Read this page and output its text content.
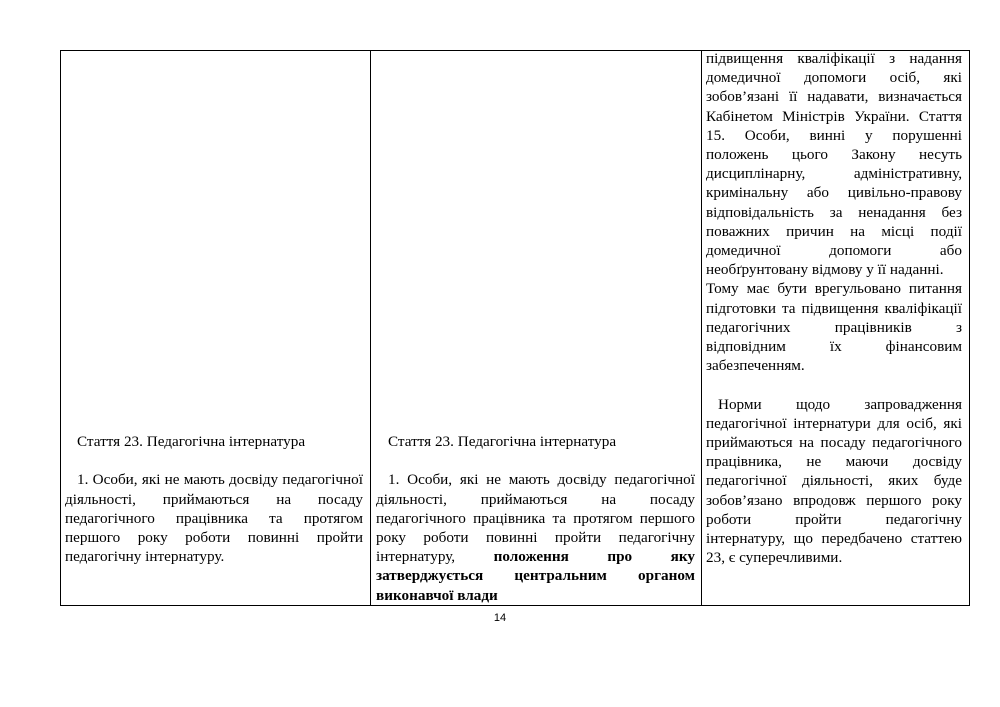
Стаття 23. Педагогічна інтернатура

1. Особи, які не мають досвіду педагогічної діяльності, приймаються на посаду педагогічного працівника та протягом першого року роботи повинні пройти педагогічну інтернатуру.

Стаття 23. Педагогічна інтернатура

1. Особи, які не мають досвіду педагогічної діяльності, приймаються на посаду педагогічного працівника та протягом першого року роботи повинні пройти педагогічну інтернатуру,	положення про яку затверджується центральним органом виконавчої влади

підвищення кваліфікації з надання домедичної допомоги осіб, які зобов’язані її надавати, визначається Кабінетом Міністрів України. Стаття 15. Особи, винні у порушенні положень цього Закону несуть дисциплінарну, адміністративну, кримінальну або цивільно-правову відповідальність за ненадання без поважних причин на місці події домедичної допомоги або необґрунтовану відмову у її наданні.

Тому має бути врегульовано питання підготовки та підвищення кваліфікації педагогічних працівників з відповідним їх фінансовим забезпеченням.

Норми щодо запровадження педагогічної інтернатури для осіб, які приймаються на посаду педагогічного працівника, не маючи досвіду педагогічної діяльності, яких буде зобов’язано впродовж першого року роботи пройти педагогічну інтернатуру, що передбачено статтею 23, є суперечливими.

14
